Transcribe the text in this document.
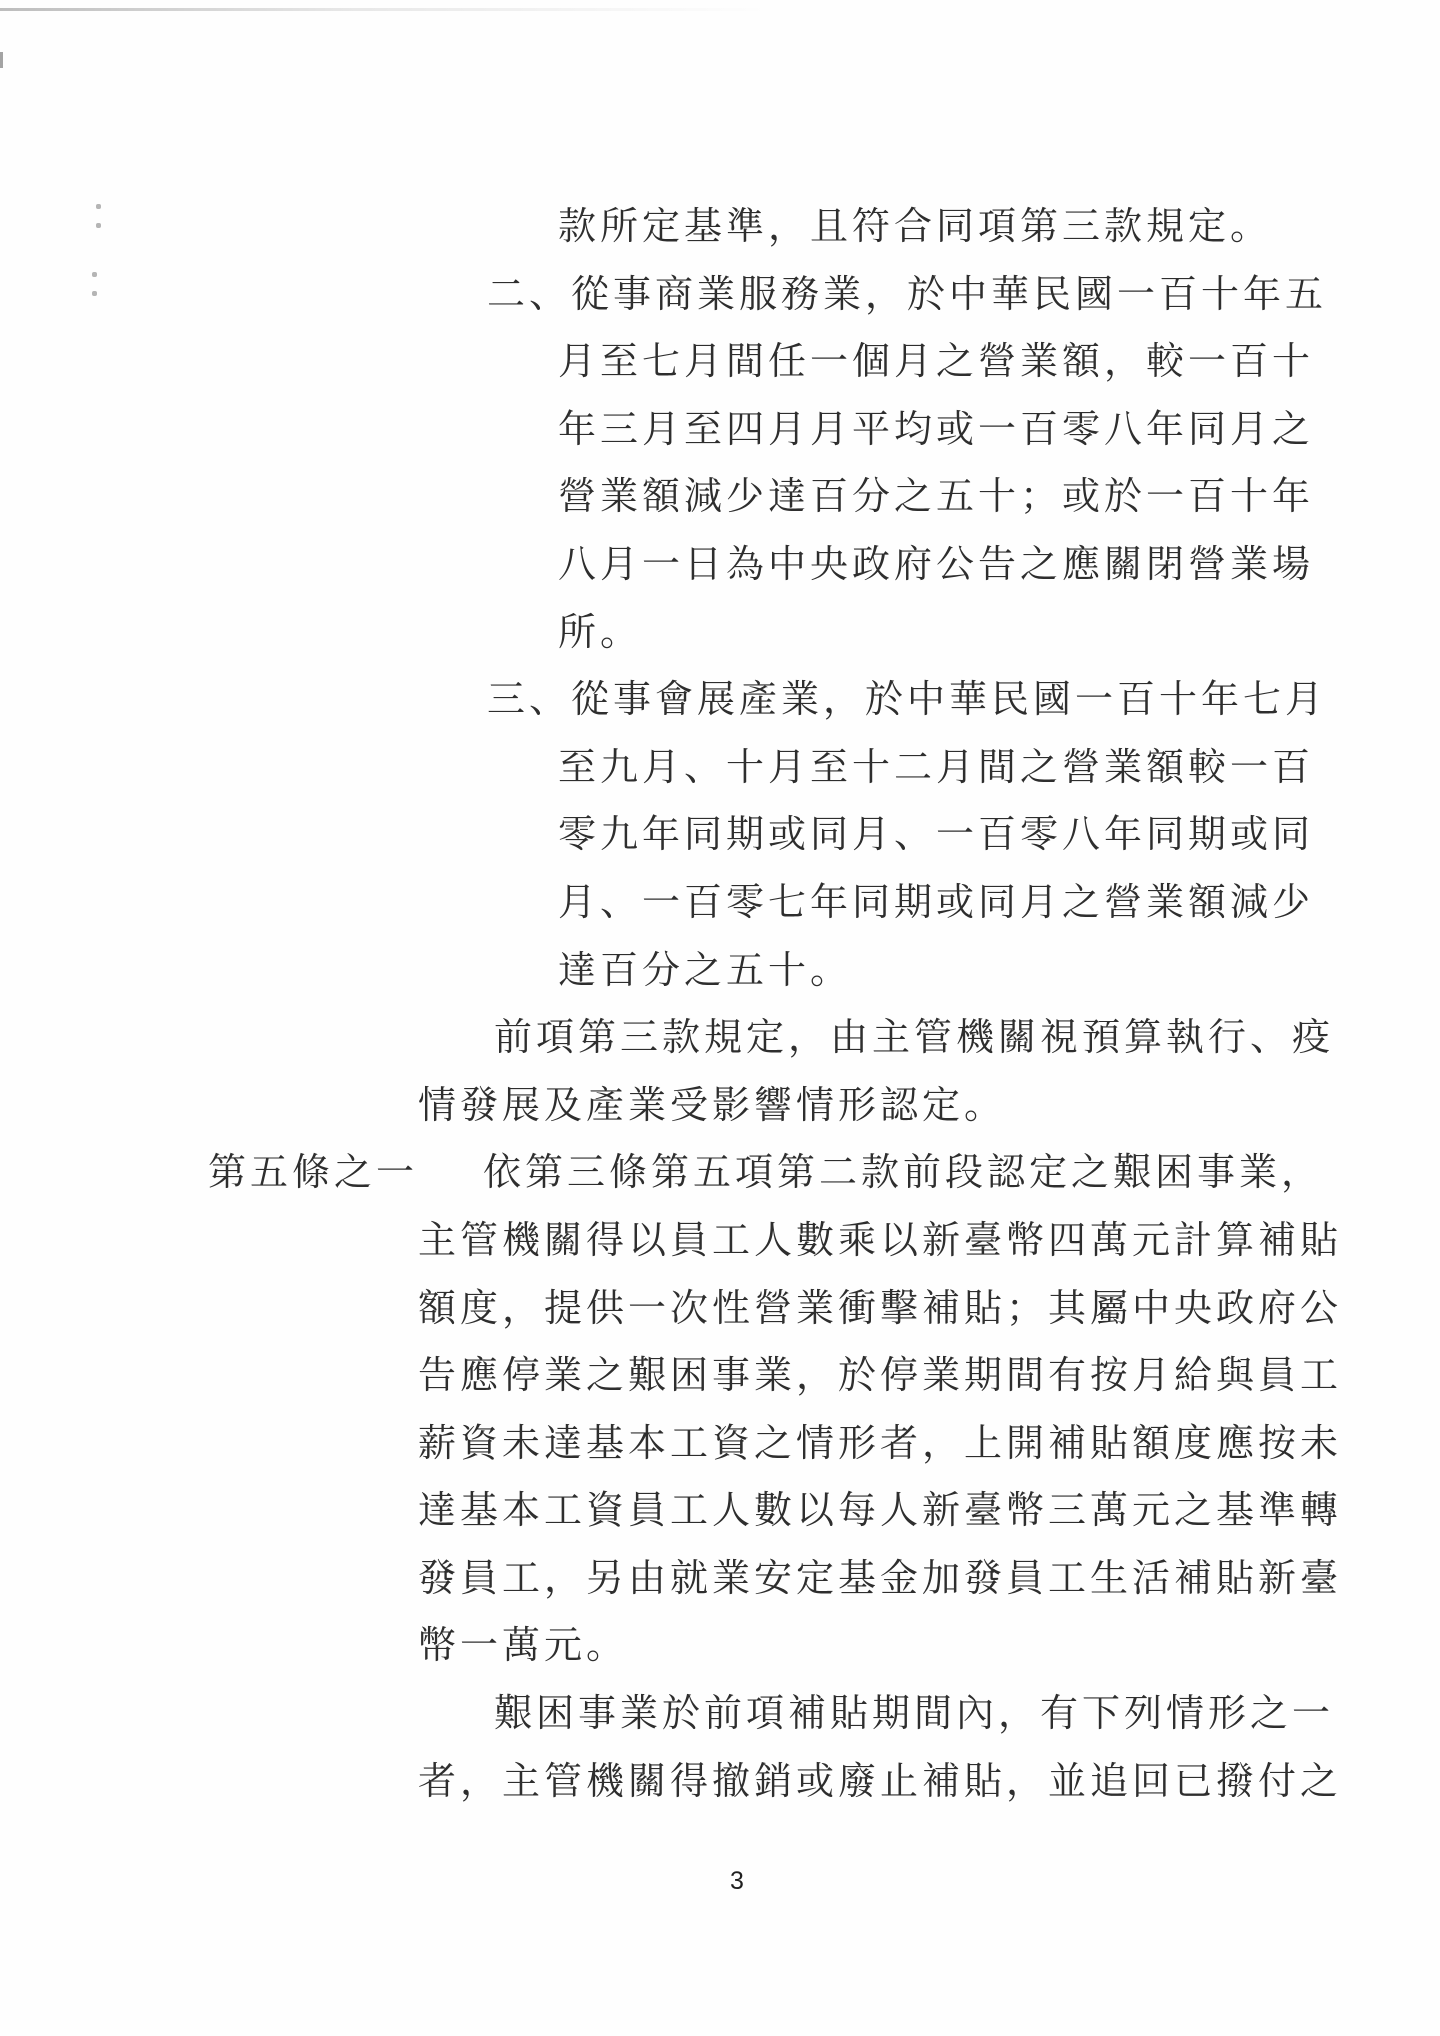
款所定基準，且符合同項第三款規定。
二、從事商業服務業，於中華民國一百十年五
月至七月間任一個月之營業額，較一百十
年三月至四月月平均或一百零八年同月之
營業額減少達百分之五十；或於一百十年
八月一日為中央政府公告之應關閉營業場
所。
三、從事會展產業，於中華民國一百十年七月
至九月、十月至十二月間之營業額較一百
零九年同期或同月、一百零八年同期或同
月、一百零七年同期或同月之營業額減少
達百分之五十。
前項第三款規定，由主管機關視預算執行、疫
情發展及產業受影響情形認定。
第五條之一 依第三條第五項第二款前段認定之艱困事業，
主管機關得以員工人數乘以新臺幣四萬元計算補貼
額度，提供一次性營業衝擊補貼；其屬中央政府公
告應停業之艱困事業，於停業期間有按月給與員工
薪資未達基本工資之情形者，上開補貼額度應按未
達基本工資員工人數以每人新臺幣三萬元之基準轉
發員工，另由就業安定基金加發員工生活補貼新臺
幣一萬元。
艱困事業於前項補貼期間內，有下列情形之一
者，主管機關得撤銷或廢止補貼，並追回已撥付之
3
